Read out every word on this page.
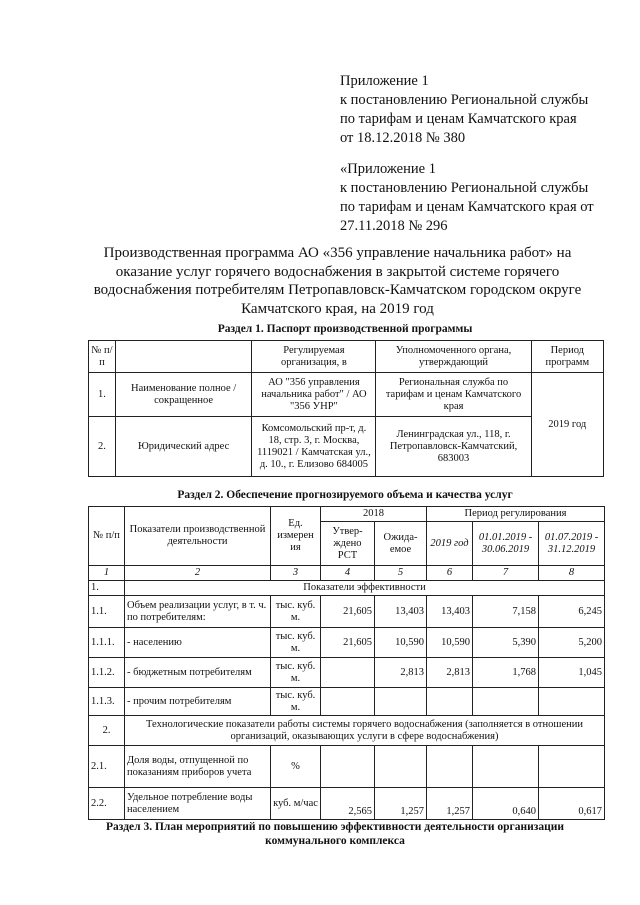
Приложение 1
к постановлению Региональной службы
по тарифам и ценам Камчатского края
от 18.12.2018 № 380
«Приложение 1
к постановлению Региональной службы
по тарифам и ценам Камчатского края от
27.11.2018 № 296
Производственная программа АО «356 управление начальника работ» на оказание услуг горячего водоснабжения в закрытой системе горячего водоснабжения потребителям Петропавловск-Камчатском городском округе Камчатского края, на 2019 год
Раздел 1. Паспорт производственной программы
№ п/п		Регулируемая организация, в	Уполномоченного органа, утверждающий	Период программ
1.	Наименование полное / сокращенное	АО "356 управления начальника работ" / АО "356 УНР"	Региональная служба по тарифам и ценам Камчатского края	2019 год
2.	Юридический адрес	Комсомольский пр-т, д. 18, стр. 3, г. Москва, 1119021 / Камчатская ул., д. 10., г. Елизово 684005	Ленинградская ул., 118, г. Петропавловск-Камчатский, 683003	
Раздел 2. Обеспечение прогнозируемого объема и качества услуг
№ п/п	Показатели производственной деятельности	Ед. измерен ия	2018		Период регулирования		
			Утвер-ждено РСТ	Ожида-емое	2019 год	01.01.2019 - 30.06.2019	01.07.2019 - 31.12.2019
1	2	3	4	5	6	7	8
1.	Показатели эффективности						
1.1.	Объем реализации услуг, в т. ч. по потребителям:	тыс. куб. м.	21,605	13,403	13,403	7,158	6,245
1.1.1.	- населению	тыс. куб. м.	21,605	10,590	10,590	5,390	5,200
1.1.2.	- бюджетным потребителям	тыс. куб. м.		2,813	2,813	1,768	1,045
1.1.3.	- прочим потребителям	тыс. куб. м.					
2.	Технологические показатели работы системы горячего водоснабжения (заполняется в отношении организаций, оказывающих услуги в сфере водоснабжения)						
2.1.	Доля воды, отпущенной по показаниям приборов учета	%					
2.2.	Удельное потребление воды населением	куб. м/час	2,565	1,257	1,257	0,640	0,617
Раздел 3. План мероприятий по повышению эффективности деятельности организации коммунального комплекса
